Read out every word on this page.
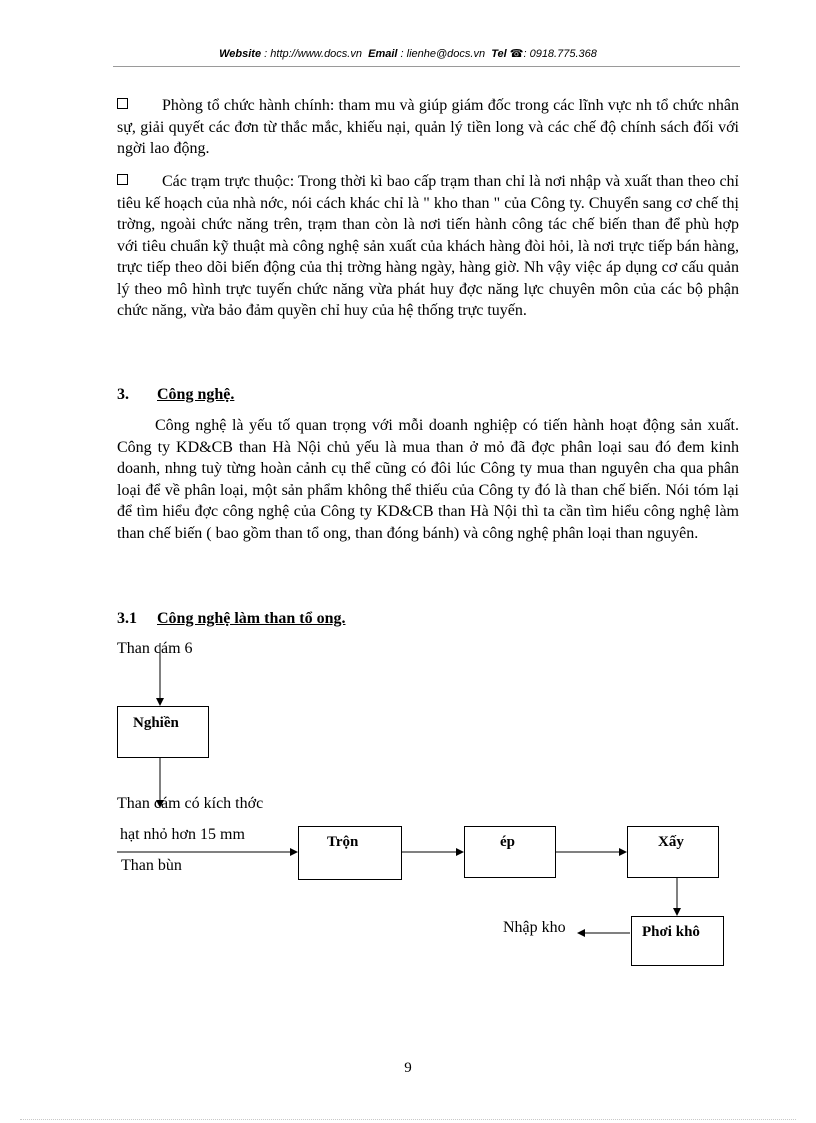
Website : http://www.docs.vn Email : lienhe@docs.vn Tel ☎: 0918.775.368
Phòng tổ chức hành chính: tham mu và giúp giám đốc trong các lĩnh vực nh tổ chức nhân sự, giải quyết các đơn từ thắc mắc, khiếu nại, quản lý tiền long và các chế độ chính sách đối với ngời lao động.
Các trạm trực thuộc: Trong thời kì bao cấp trạm than chỉ là nơi nhập và xuất than theo chỉ tiêu kế hoạch của nhà nớc, nói cách khác chỉ là " kho than " của Công ty. Chuyển sang cơ chế thị trờng, ngoài chức năng trên, trạm than còn là nơi tiến hành công tác chế biến than để phù hợp với tiêu chuẩn kỹ thuật mà công nghệ sản xuất của khách hàng đòi hỏi, là nơi trực tiếp bán hàng, trực tiếp theo dõi biến động của thị trờng hàng ngày, hàng giờ. Nh vậy việc áp dụng cơ cấu quản lý theo mô hình trực tuyến chức năng vừa phát huy đợc năng lực chuyên môn của các bộ phận chức năng, vừa bảo đảm quyền chỉ huy của hệ thống trực tuyến.
3. Công nghệ.
Công nghệ là yếu tố quan trọng với mỗi doanh nghiệp có tiến hành hoạt động sản xuất. Công ty KD&CB than Hà Nội chủ yếu là mua than ở mỏ đã đợc phân loại sau đó đem kinh doanh, nhng tuỳ từng hoàn cảnh cụ thể cũng có đôi lúc Công ty mua than nguyên cha qua phân loại để về phân loại, một sản phẩm không thể thiếu của Công ty đó là than chế biến. Nói tóm lại để tìm hiểu đợc công nghệ của Công ty KD&CB than Hà Nội thì ta cần tìm hiểu công nghệ làm than chế biến ( bao gồm than tổ ong, than đóng bánh) và công nghệ phân loại than nguyên.
3.1 Công nghệ làm than tổ ong.
Than cám 6
Nghiền
Than cám có kích thớc
hạt nhỏ hơn 15 mm
Than bùn
Trộn	ép	Xấy
Phơi khô
Nhập kho
9
